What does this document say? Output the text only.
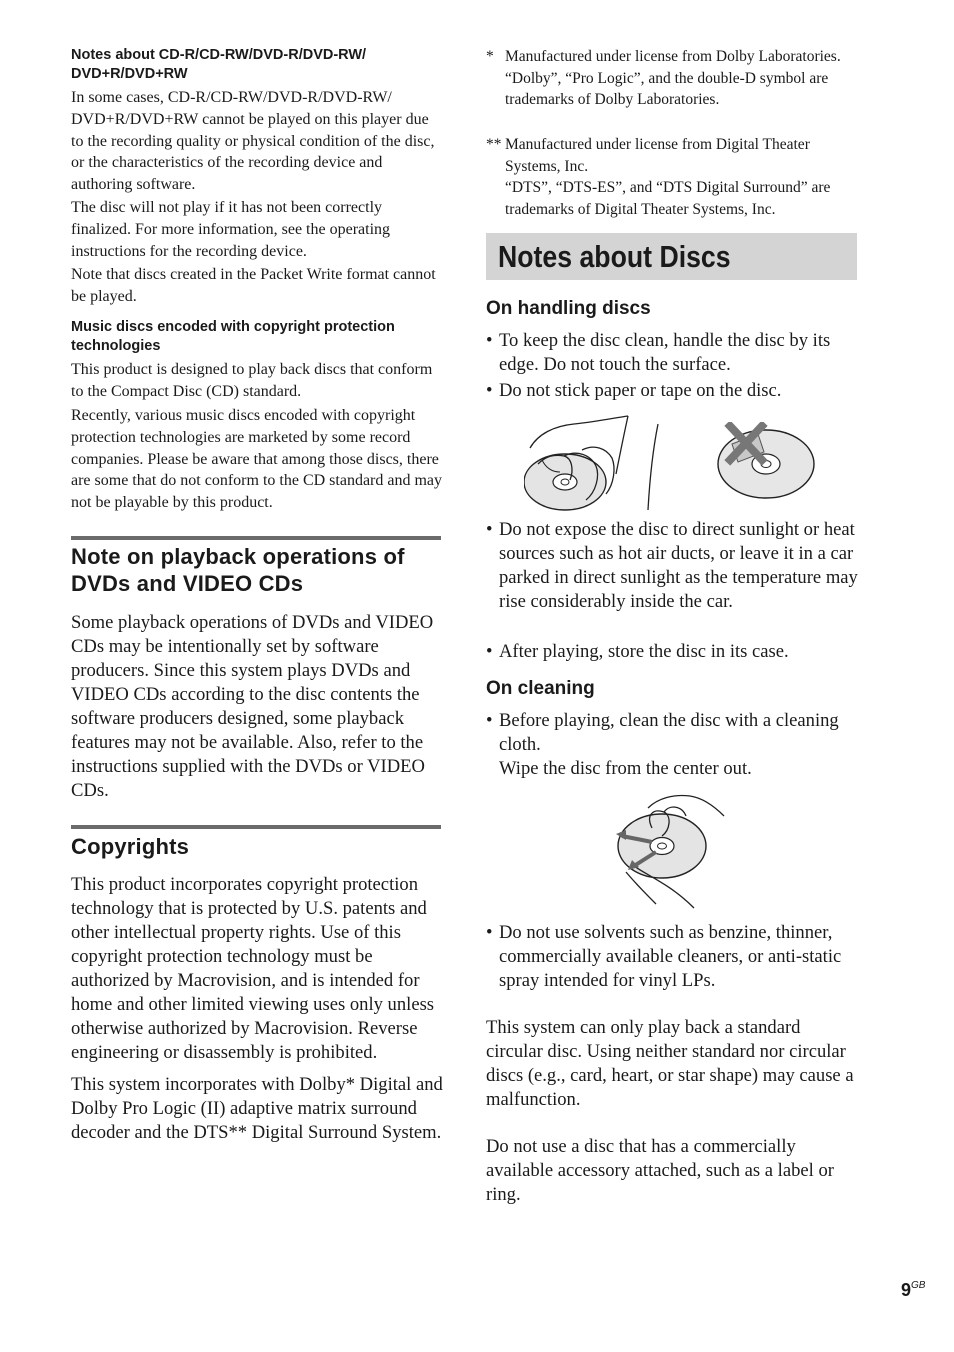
Notes about CD-R/CD-RW/DVD-R/DVD-RW/
DVD+R/DVD+RW

In some cases, CD-R/CD-RW/DVD-R/DVD-RW/ DVD+R/DVD+RW cannot be played on this player due to the recording quality or physical condition of the disc, or the characteristics of the recording device and authoring software.

The disc will not play if it has not been correctly finalized. For more information, see the operating instructions for the recording device.

Note that discs created in the Packet Write format cannot be played.

Music discs encoded with copyright protection technologies

This product is designed to play back discs that conform to the Compact Disc (CD) standard.

Recently, various music discs encoded with copyright protection technologies are marketed by some record companies. Please be aware that among those discs, there are some that do not conform to the CD standard and may not be playable by this product.

Note on playback operations of DVDs and VIDEO CDs

Some playback operations of DVDs and VIDEO CDs may be intentionally set by software producers. Since this system plays DVDs and VIDEO CDs according to the disc contents the software producers designed, some playback features may not be available. Also, refer to the instructions supplied with the DVDs or VIDEO CDs.

Copyrights

This product incorporates copyright protection technology that is protected by U.S. patents and other intellectual property rights. Use of this copyright protection technology must be authorized by Macrovision, and is intended for home and other limited viewing uses only unless otherwise authorized by Macrovision. Reverse engineering or disassembly is prohibited.

This system incorporates with Dolby* Digital and Dolby Pro Logic (II) adaptive matrix surround decoder and the DTS** Digital Surround System.

* Manufactured under license from Dolby Laboratories.
“Dolby”, “Pro Logic”, and the double-D symbol are trademarks of Dolby Laboratories.

** Manufactured under license from Digital Theater Systems, Inc.
“DTS”, “DTS-ES”, and “DTS Digital Surround” are trademarks of Digital Theater Systems, Inc.

Notes about Discs
On handling discs
• To keep the disc clean, handle the disc by its edge. Do not touch the surface.

• Do not stick paper or tape on the disc.

• Do not expose the disc to direct sunlight or heat sources such as hot air ducts, or leave it in a car parked in direct sunlight as the temperature may rise considerably inside the car.

• After playing, store the disc in its case.

On cleaning
• Before playing, clean the disc with a cleaning cloth.
Wipe the disc from the center out.

• Do not use solvents such as benzine, thinner, commercially available cleaners, or anti-static spray intended for vinyl LPs.

This system can only play back a standard circular disc. Using neither standard nor circular discs (e.g., card, heart, or star shape) may cause a malfunction.

Do not use a disc that has a commercially available accessory attached, such as a label or ring.

$9^{GB}$
